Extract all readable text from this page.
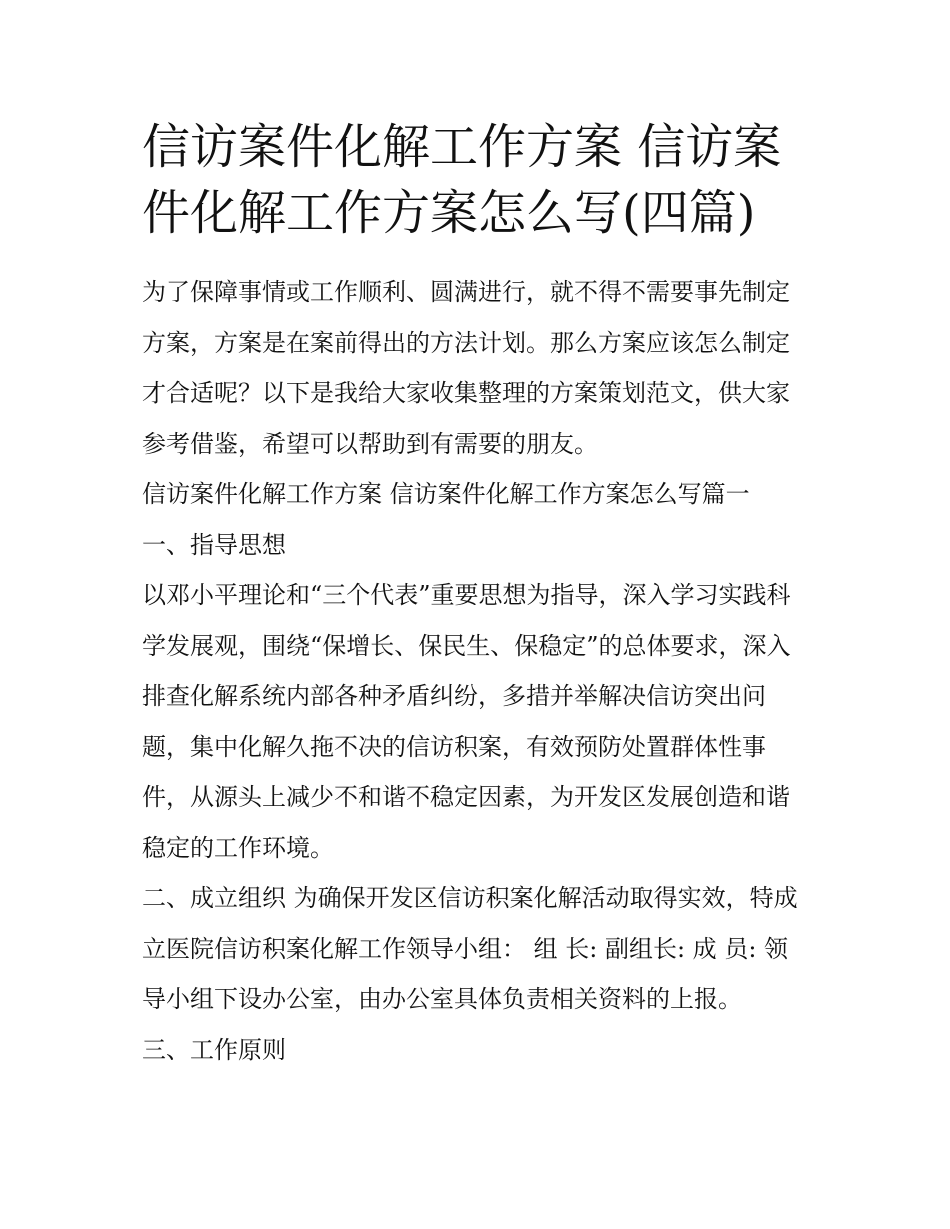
信访案件化解工作方案 信访案件化解工作方案怎么写(四篇)

为了保障事情或工作顺利、圆满进行，就不得不需要事先制定方案，方案是在案前得出的方法计划。那么方案应该怎么制定才合适呢？以下是我给大家收集整理的方案策划范文，供大家参考借鉴，希望可以帮助到有需要的朋友。

信访案件化解工作方案 信访案件化解工作方案怎么写篇一

一、指导思想

以邓小平理论和“三个代表”重要思想为指导，深入学习实践科学发展观，围绕“保增长、保民生、保稳定”的总体要求，深入排查化解系统内部各种矛盾纠纷，多措并举解决信访突出问题，集中化解久拖不决的信访积案，有效预防处置群体性事件，从源头上减少不和谐不稳定因素，为开发区发展创造和谐稳定的工作环境。

二、成立组织 为确保开发区信访积案化解活动取得实效，特成立医院信访积案化解工作领导小组： 组 长: 副组长: 成 员: 领导小组下设办公室，由办公室具体负责相关资料的上报。

三、工作原则
